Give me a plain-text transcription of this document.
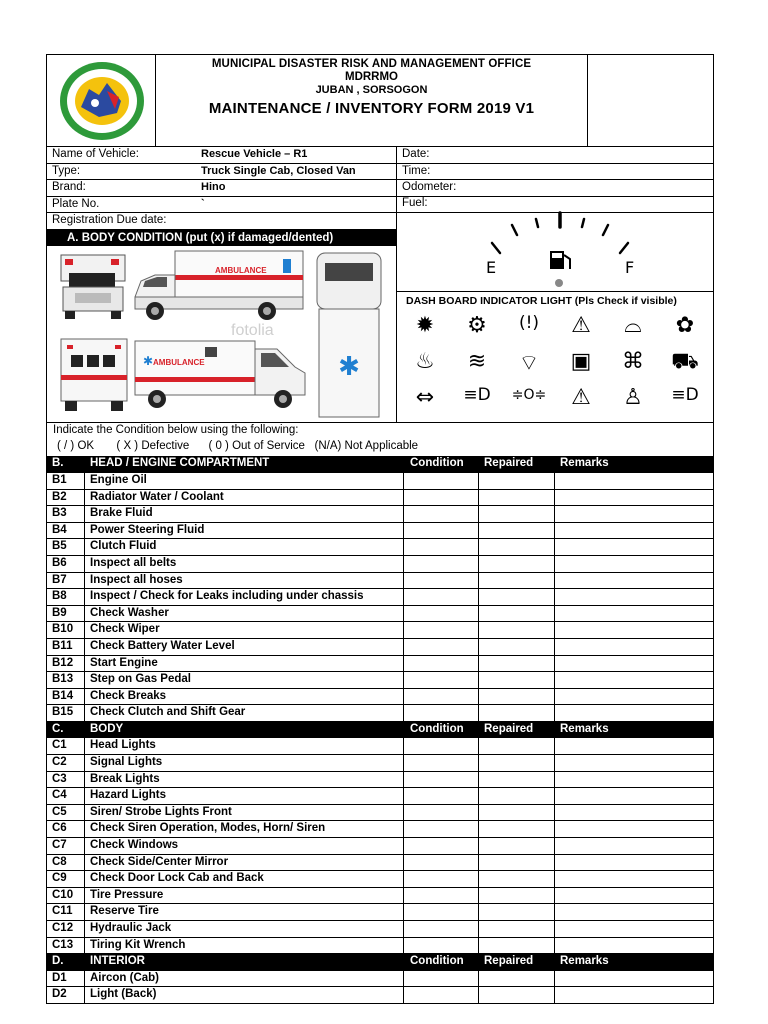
MUNICIPAL DISASTER RISK AND MANAGEMENT OFFICE
MDRRMO
JUBAN , SORSOGON
MAINTENANCE / INVENTORY FORM 2019 V1
Name of Vehicle:	Rescue Vehicle – R1	Date:
Type:	Truck Single Cab, Closed Van	Time:
Brand:	Hino	Odometer:
Plate No.	`
Registration Due date:
A. BODY CONDITION (put (x) if damaged/dented)
Fuel:
E	F
DASH BOARD INDICATOR LIGHT (Pls Check if visible)
✹	⚙	(!)	⚠	⌓	✿
♨	≋	⌔	▣	⌘	⛟
⇔	≡D	≑O≑	⚠	♙	≡D
AMBULANCE
✱
AMBULANCE
✱
fotolia
Indicate the Condition below using the following:
( / ) OK       ( X ) Defective      ( 0 ) Out of Service   (N/A) Not Applicable
B. HEAD / ENGINE COMPARTMENT	Condition Repaired Remarks
B1 Engine Oil
B2 Radiator Water / Coolant
B3 Brake Fluid
B4 Power Steering Fluid
B5 Clutch Fluid
B6 Inspect all belts
B7 Inspect all hoses
B8 Inspect / Check for Leaks including under chassis
B9 Check Washer
B10 Check Wiper
B11 Check Battery Water Level
B12 Start Engine
B13 Step on Gas Pedal
B14 Check Breaks
B15 Check Clutch and Shift Gear
C. BODY	Condition Repaired Remarks
C1 Head Lights
C2 Signal Lights
C3 Break Lights
C4 Hazard Lights
C5 Siren/ Strobe Lights Front
C6 Check Siren Operation, Modes, Horn/ Siren
C7 Check Windows
C8 Check Side/Center Mirror
C9 Check Door Lock Cab and Back
C10 Tire Pressure
C11 Reserve Tire
C12 Hydraulic Jack
C13 Tiring Kit Wrench
D. INTERIOR	Condition Repaired Remarks
D1 Aircon (Cab)
D2 Light (Back)
